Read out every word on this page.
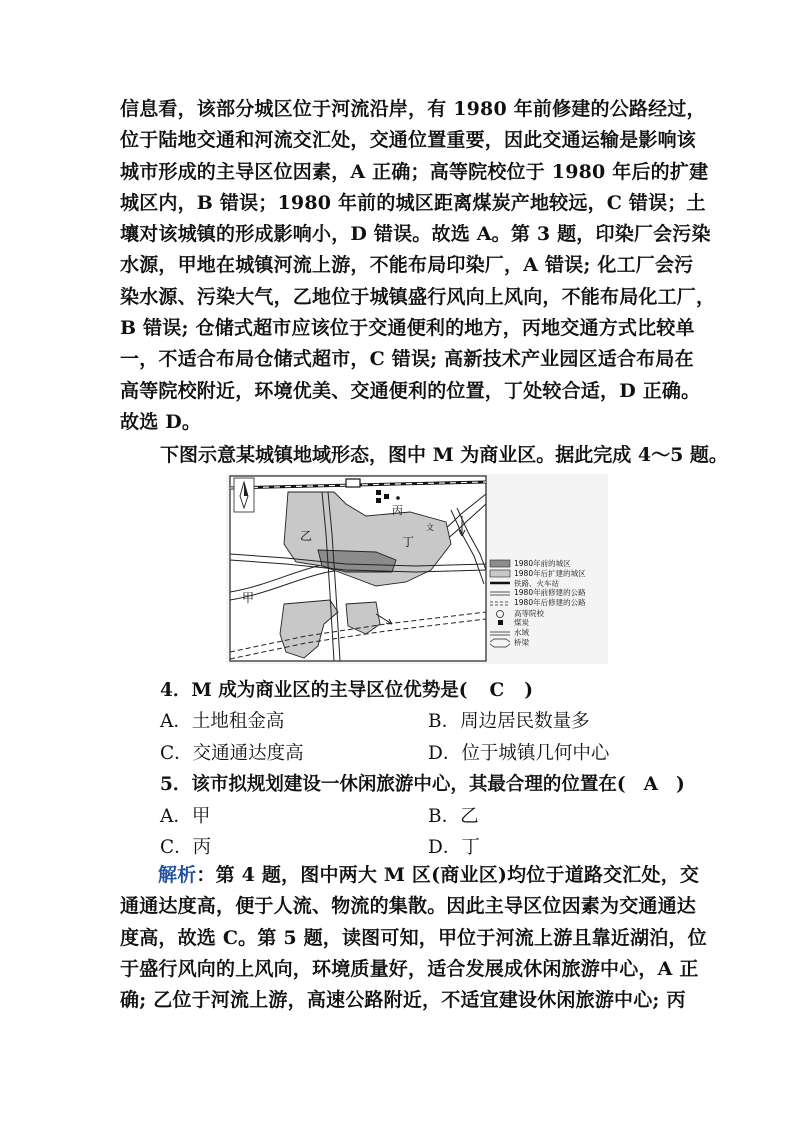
信息看，该部分城区位于河流沿岸，有 1980 年前修建的公路经过，
位于陆地交通和河流交汇处，交通位置重要，因此交通运输是影响该
城市形成的主导区位因素，A 正确；高等院校位于 1980 年后的扩建
城区内，B 错误；1980 年前的城区距离煤炭产地较远，C 错误；土
壤对该城镇的形成影响小，D 错误。故选 A。第 3 题，印染厂会污染
水源，甲地在城镇河流上游，不能布局印染厂，A 错误; 化工厂会污
染水源、污染大气，乙地位于城镇盛行风向上风向，不能布局化工厂，
B 错误; 仓储式超市应该位于交通便利的地方，丙地交通方式比较单
一，不适合布局仓储式超市，C 错误; 高新技术产业园区适合布局在
高等院校附近，环境优美、交通便利的位置，丁处较合适，D 正确。
故选 D。
下图示意某城镇地域形态，图中 M 为商业区。据此完成 4～5 题。
乙
丙
丁
甲
文
1980年前的城区
1980年后扩建的城区
铁路、火车站
1980年前修建的公路
1980年后修建的公路
高等院校
煤炭
水域
桥梁
4．M 成为商业区的主导区位优势是( C )
A．土地租金高	B．周边居民数量多
C．交通通达度高	D．位于城镇几何中心
5．该市拟规划建设一休闲旅游中心，其最合理的位置在( A )
A．甲	B．乙
C．丙	D．丁
解析：第 4 题，图中两大 M 区(商业区)均位于道路交汇处，交
通通达度高，便于人流、物流的集散。因此主导区位因素为交通通达
度高，故选 C。第 5 题，读图可知，甲位于河流上游且靠近湖泊，位
于盛行风向的上风向，环境质量好，适合发展成休闲旅游中心，A 正
确; 乙位于河流上游，高速公路附近，不适宜建设休闲旅游中心; 丙
